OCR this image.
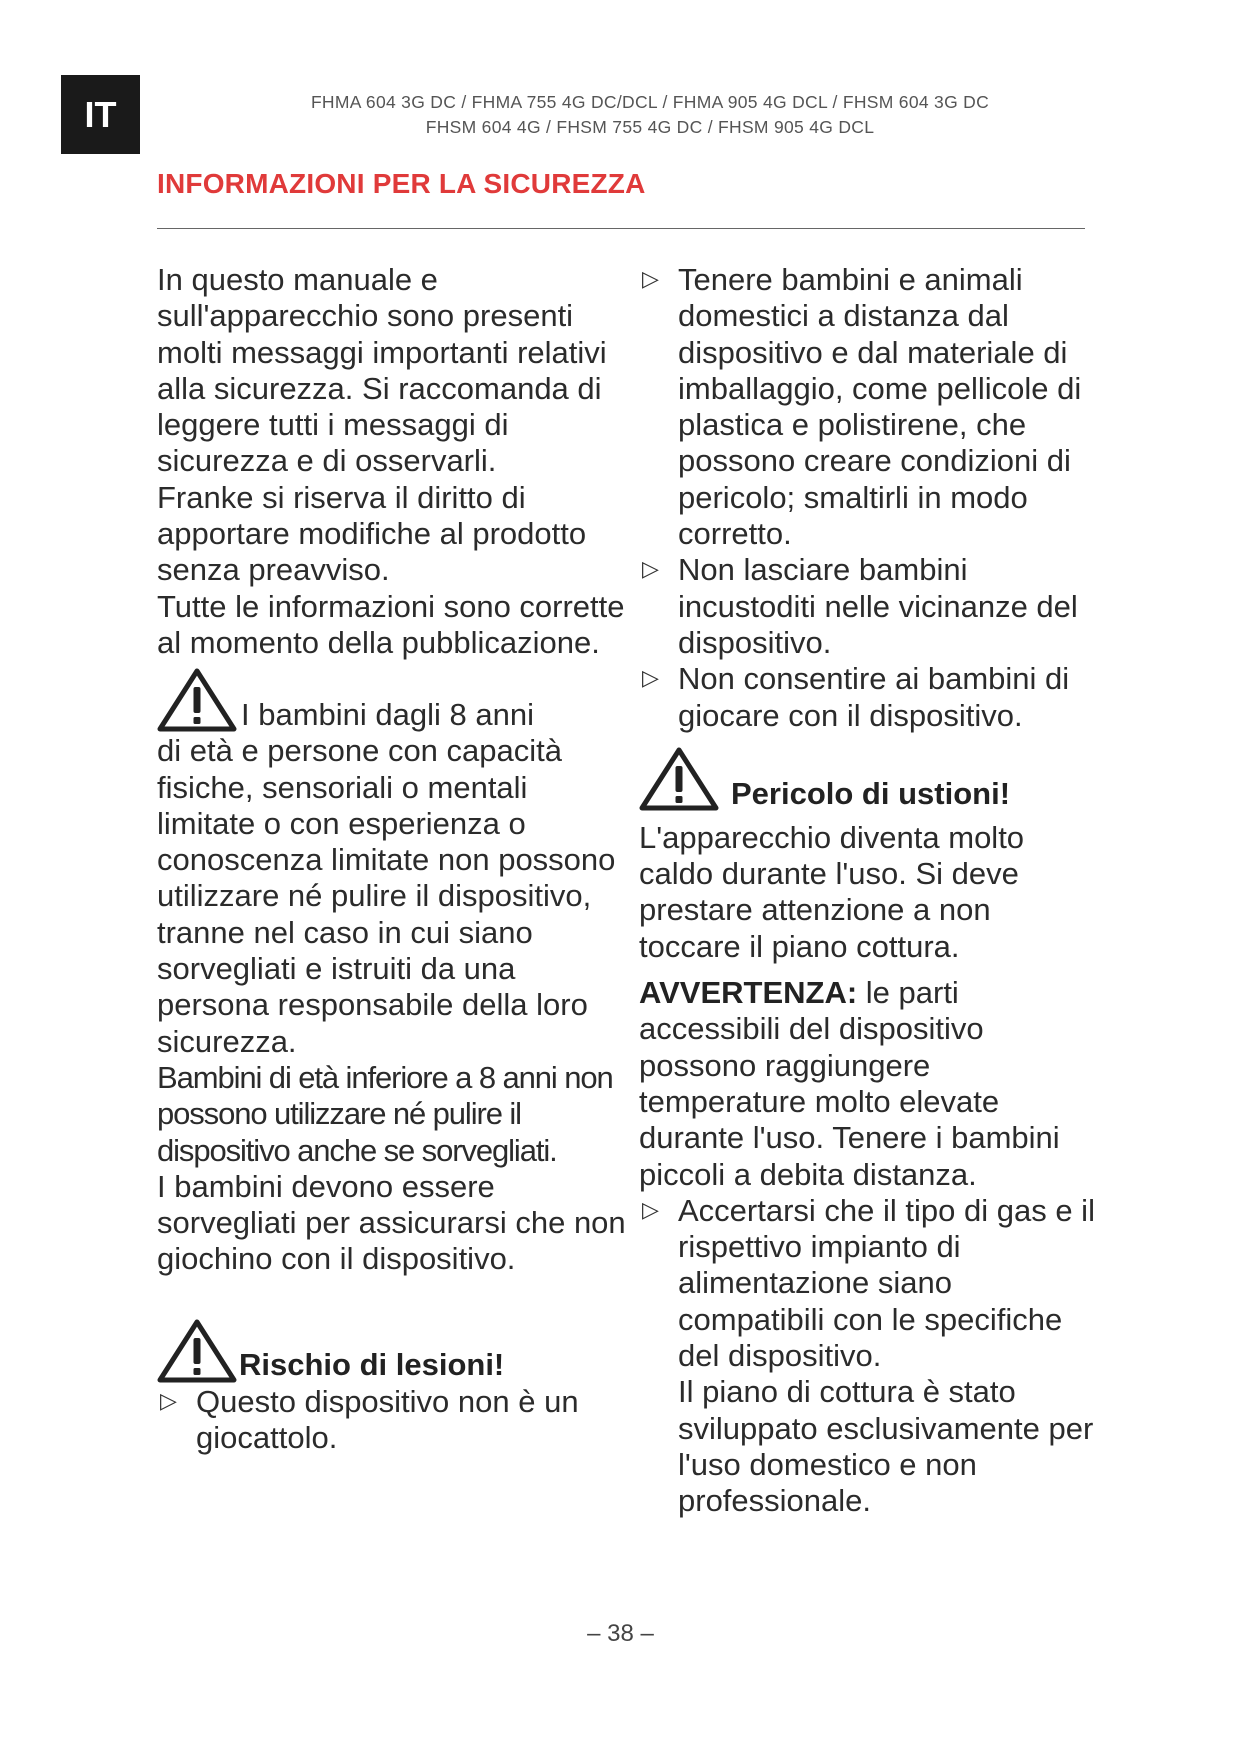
IT	FHMA 604 3G DC / FHMA 755 4G DC/DCL / FHMA 905 4G DCL / FHSM 604 3G DC
FHSM 604 4G / FHSM 755 4G DC / FHSM 905 4G DCL
INFORMAZIONI PER LA SICUREZZA

In questo manuale e sull'apparecchio sono presenti molti messaggi importanti relativi alla sicurezza. Si raccomanda di leggere tutti i messaggi di sicurezza e di osservarli.

Franke si riserva il diritto di apportare modifiche al prodotto senza preavviso.

Tutte le informazioni sono corrette al momento della pubblicazione.

I bambini dagli 8 anni

di età e persone con capacità fisiche, sensoriali o mentali limitate o con esperienza o conoscenza limitate non possono utilizzare né pulire il dispositivo, tranne nel caso in cui siano sorvegliati e istruiti da una persona responsabile della loro sicurezza.

Bambini di età inferiore a 8 anni non possono utilizzare né pulire il dispositivo anche se sorvegliati.

I bambini devono essere sorvegliati per assicurarsi che non giochino con il dispositivo.

Rischio di lesioni!
▷ Questo dispositivo non è un giocattolo.
▷ Tenere bambini e animali domestici a distanza dal dispositivo e dal materiale di imballaggio, come pellicole di plastica e polistirene, che possono creare condizioni di pericolo; smaltirli in modo corretto.
▷ Non lasciare bambini incustoditi nelle vicinanze del dispositivo.
▷ Non consentire ai bambini di giocare con il dispositivo.
Pericolo di ustioni!

L'apparecchio diventa molto caldo durante l'uso. Si deve prestare attenzione a non toccare il piano cottura.

AVVERTENZA: le parti accessibili del dispositivo possono raggiungere temperature molto elevate durante l'uso. Tenere i bambini piccoli a debita distanza.

▷ Accertarsi che il tipo di gas e il rispettivo impianto di alimentazione siano compatibili con le specifiche del dispositivo.

Il piano di cottura è stato sviluppato esclusivamente per l'uso domestico e non professionale.

– 38 –
